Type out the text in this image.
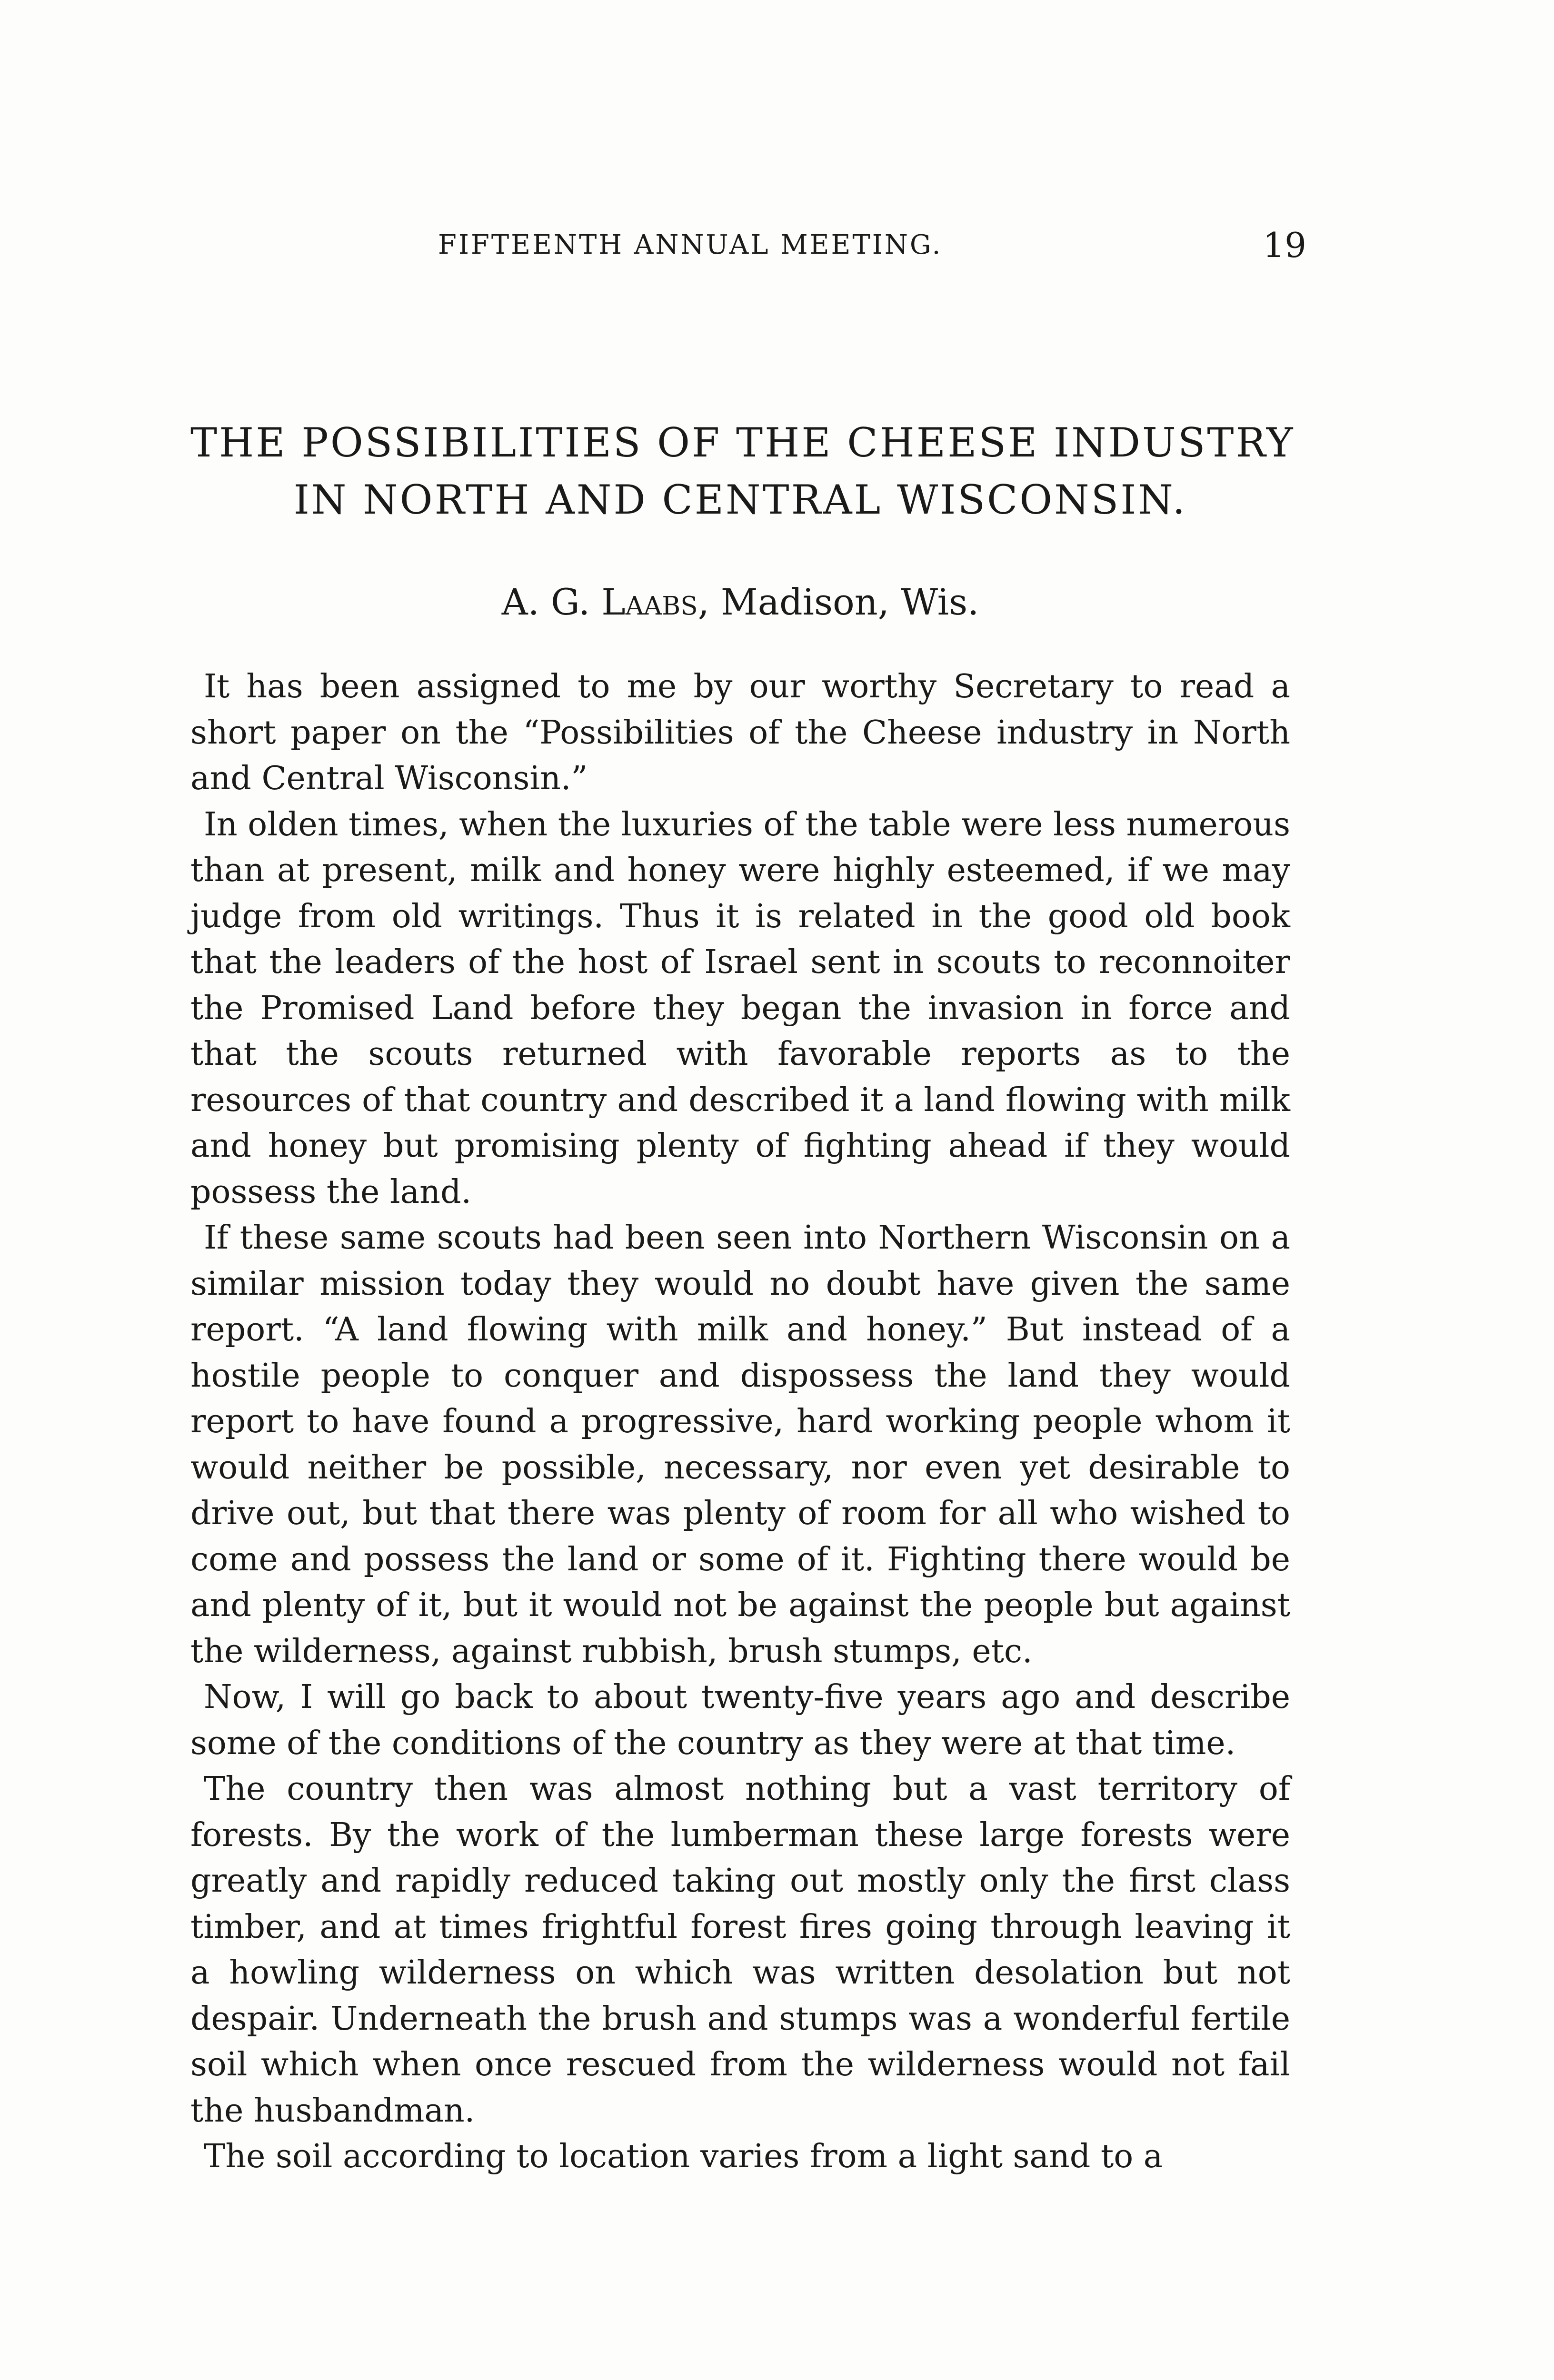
FIFTEENTH ANNUAL MEETING.	19
THE POSSIBILITIES OF THE CHEESE INDUSTRY
IN NORTH AND CENTRAL WISCONSIN.
A. G. Laabs, Madison, Wis.

It has been assigned to me by our worthy Secretary to read a short paper on the “Possibilities of the Cheese industry in North and Central Wisconsin.”

In olden times, when the luxuries of the table were less numerous than at present, milk and honey were highly esteemed, if we may judge from old writings. Thus it is related in the good old book that the leaders of the host of Israel sent in scouts to reconnoiter the Promised Land before they began the invasion in force and that the scouts returned with favorable reports as to the resources of that country and described it a land flowing with milk and honey but promising plenty of fighting ahead if they would possess the land.

If these same scouts had been seen into Northern Wisconsin on a similar mission today they would no doubt have given the same report. “A land flowing with milk and honey.” But instead of a hostile people to conquer and dispossess the land they would report to have found a progressive, hard working people whom it would neither be possible, necessary, nor even yet desirable to drive out, but that there was plenty of room for all who wished to come and possess the land or some of it. Fighting there would be and plenty of it, but it would not be against the people but against the wilderness, against rubbish, brush stumps, etc.

Now, I will go back to about twenty-five years ago and describe some of the conditions of the country as they were at that time.

The country then was almost nothing but a vast territory of forests. By the work of the lumberman these large forests were greatly and rapidly reduced taking out mostly only the first class timber, and at times frightful forest fires going through leaving it a howling wilderness on which was written desolation but not despair. Underneath the brush and stumps was a wonderful fertile soil which when once rescued from the wilderness would not fail the husbandman.

The soil according to location varies from a light sand to a
